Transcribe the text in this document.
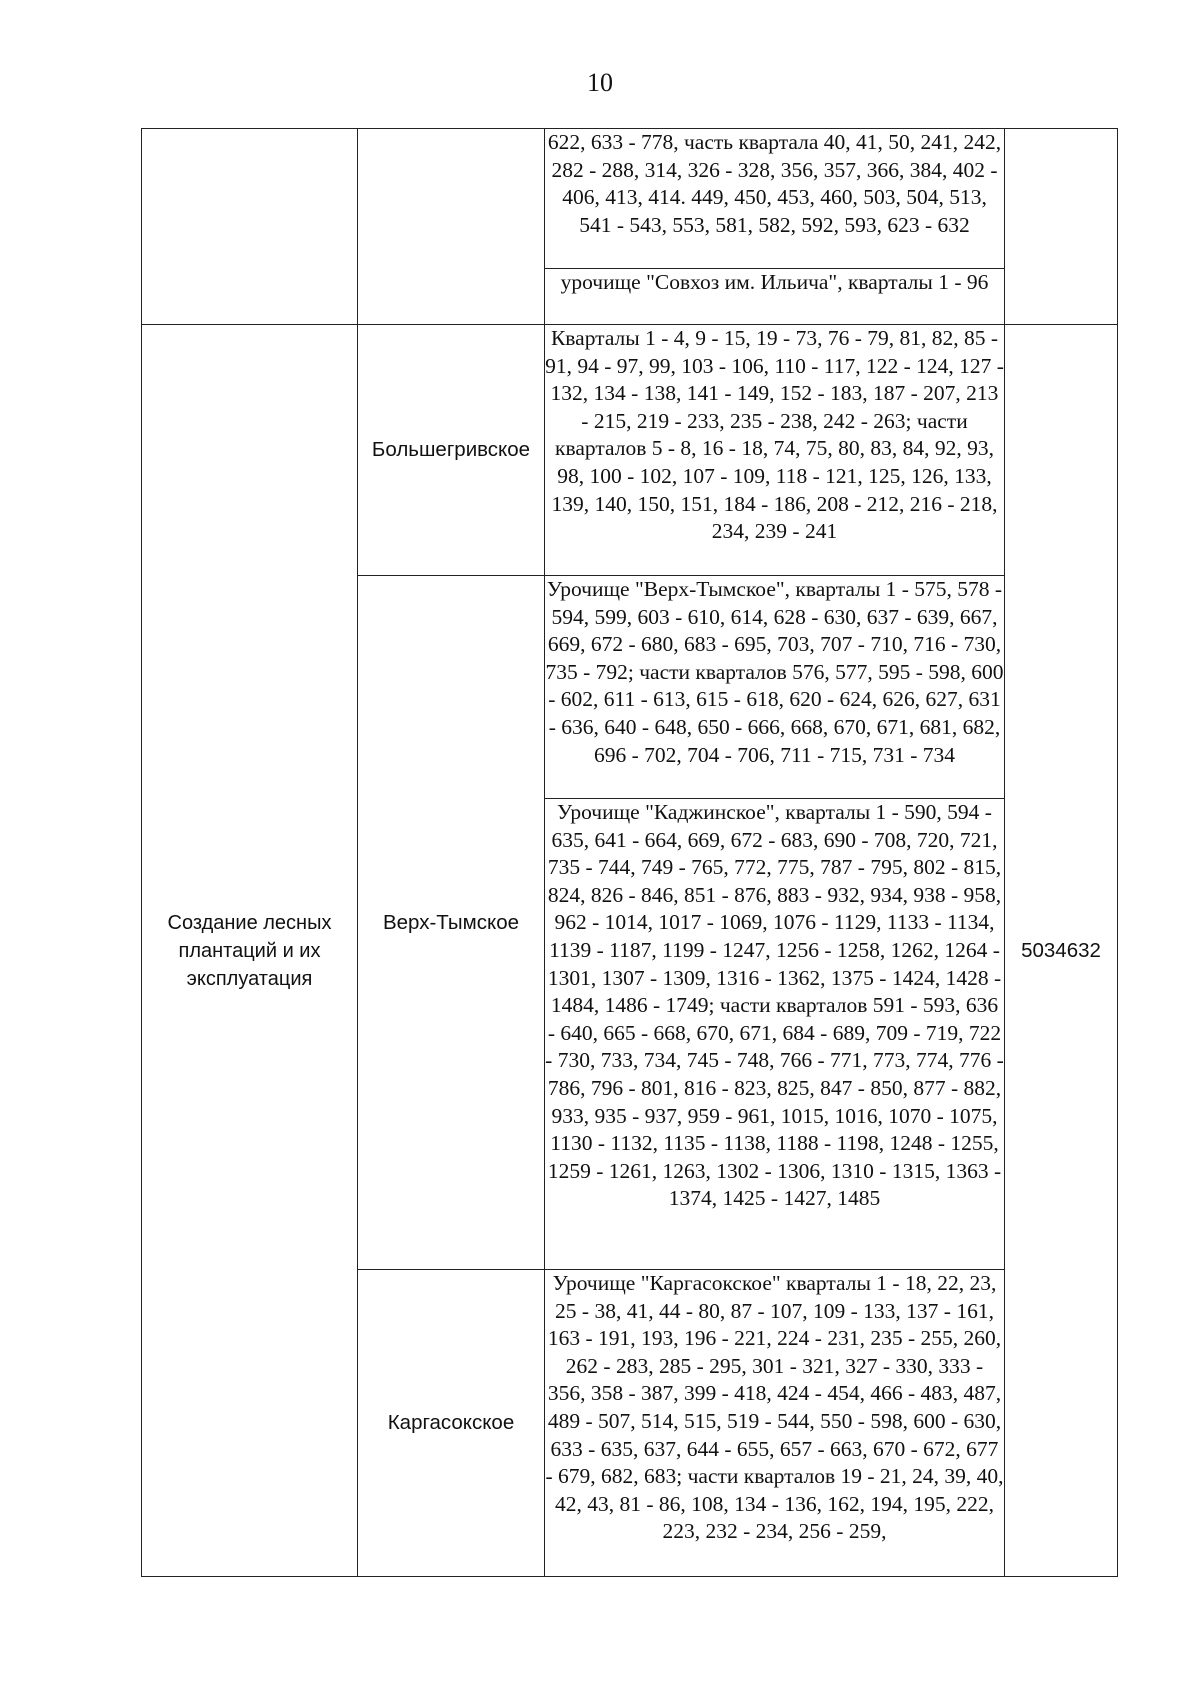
10

		622, 633 - 778, часть квартала 40, 41, 50, 241, 242, 282 - 288, 314, 326 - 328, 356, 357, 366, 384, 402 - 406, 413, 414. 449, 450, 453, 460, 503, 504, 513, 541 - 543, 553, 581, 582, 592, 593, 623 - 632	

		урочище "Совхоз им. Ильича", кварталы 1 - 96	

Создание лесных плантаций и их эксплуатация	Большегривское	Кварталы 1 - 4, 9 - 15, 19 - 73, 76 - 79, 81, 82, 85 - 91, 94 - 97, 99, 103 - 106, 110 - 117, 122 - 124, 127 - 132, 134 - 138, 141 - 149, 152 - 183, 187 - 207, 213 - 215, 219 - 233, 235 - 238, 242 - 263; части кварталов 5 - 8, 16 - 18, 74, 75, 80, 83, 84, 92, 93, 98, 100 - 102, 107 - 109, 118 - 121, 125, 126, 133, 139, 140, 150, 151, 184 - 186, 208 - 212, 216 - 218, 234, 239 - 241	5034632
	Верх-Тымское	Урочище "Верх-Тымское", кварталы 1 - 575, 578 - 594, 599, 603 - 610, 614, 628 - 630, 637 - 639, 667, 669, 672 - 680, 683 - 695, 703, 707 - 710, 716 - 730, 735 - 792; части кварталов 576, 577, 595 - 598, 600 - 602, 611 - 613, 615 - 618, 620 - 624, 626, 627, 631 - 636, 640 - 648, 650 - 666, 668, 670, 671, 681, 682, 696 - 702, 704 - 706, 711 - 715, 731 - 734	

		Урочище "Каджинское", кварталы 1 - 590, 594 - 635, 641 - 664, 669, 672 - 683, 690 - 708, 720, 721, 735 - 744, 749 - 765, 772, 775, 787 - 795, 802 - 815, 824, 826 - 846, 851 - 876, 883 - 932, 934, 938 - 958, 962 - 1014, 1017 - 1069, 1076 - 1129, 1133 - 1134, 1139 - 1187, 1199 - 1247, 1256 - 1258, 1262, 1264 - 1301, 1307 - 1309, 1316 - 1362, 1375 - 1424, 1428 - 1484, 1486 - 1749; части кварталов 591 - 593, 636 - 640, 665 - 668, 670, 671, 684 - 689, 709 - 719, 722 - 730, 733, 734, 745 - 748, 766 - 771, 773, 774, 776 - 786, 796 - 801, 816 - 823, 825, 847 - 850, 877 - 882, 933, 935 - 937, 959 - 961, 1015, 1016, 1070 - 1075, 1130 - 1132, 1135 - 1138, 1188 - 1198, 1248 - 1255, 1259 - 1261, 1263, 1302 - 1306, 1310 - 1315, 1363 - 1374, 1425 - 1427, 1485	

	Каргасокское	Урочище "Каргасокское" кварталы 1 - 18, 22, 23, 25 - 38, 41, 44 - 80, 87 - 107, 109 - 133, 137 - 161, 163 - 191, 193, 196 - 221, 224 - 231, 235 - 255, 260, 262 - 283, 285 - 295, 301 - 321, 327 - 330, 333 - 356, 358 - 387, 399 - 418, 424 - 454, 466 - 483, 487, 489 - 507, 514, 515, 519 - 544, 550 - 598, 600 - 630, 633 - 635, 637, 644 - 655, 657 - 663, 670 - 672, 677 - 679, 682, 683; части кварталов 19 - 21, 24, 39, 40, 42, 43, 81 - 86, 108, 134 - 136, 162, 194, 195, 222, 223, 232 - 234, 256 - 259,	
